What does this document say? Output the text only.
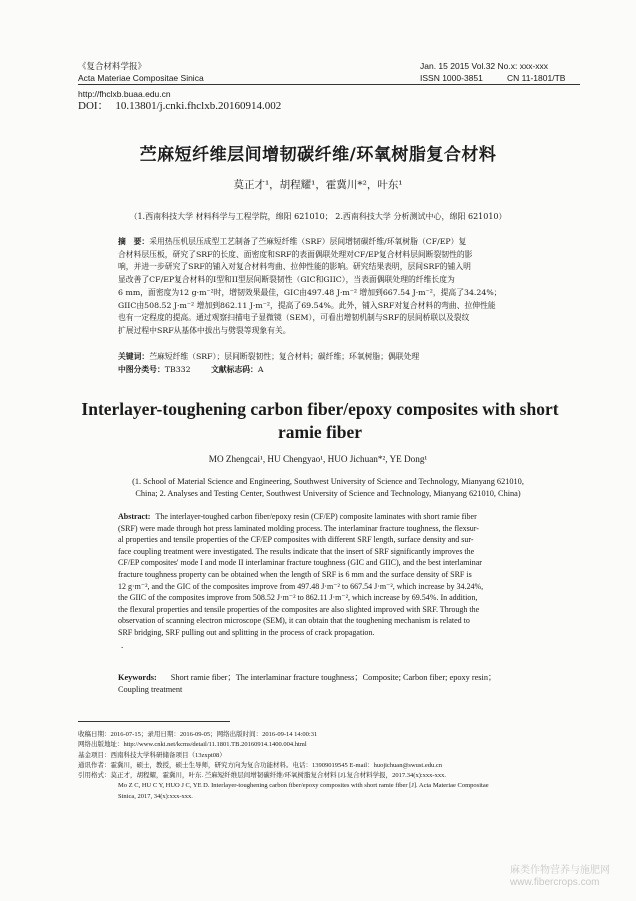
《复合材料学报》
Acta Materiae Compositae Sinica
Jan. 15 2015 Vol.32 No.x: xxx-xxx
ISSN 1000-3851	CN 11-1801/TB
http://fhclxb.buaa.edu.cn
DOI： 10.13801/j.cnki.fhclxb.20160914.002
苎麻短纤维层间增韧碳纤维/环氧树脂复合材料
莫正才¹，胡程耀¹，霍冀川*²，叶东¹
（1.西南科技大学 材料科学与工程学院，绵阳 621010； 2.西南科技大学 分析测试中心，绵阳 621010）
摘　要：采用热压机层压成型工艺制备了苎麻短纤维（SRF）层间增韧碳纤维/环氧树脂（CF/EP）复
合材料层压板，研究了SRF的长度、面密度和SRF的表面偶联处理对CF/EP复合材料层间断裂韧性的影
响，并进一步研究了SRF的铺入对复合材料弯曲、拉伸性能的影响。研究结果表明，层间SRF的铺入明
显改善了CF/EP复合材料的I型和II型层间断裂韧性（GIC和GIIC），当表面偶联处理的纤维长度为
6 mm，面密度为12 g·m⁻²时，增韧效果最佳，GIC由497.48 J·m⁻² 增加到667.54 J·m⁻²，提高了34.24%；
GIIC由508.52 J·m⁻² 增加到862.11 J·m⁻²，提高了69.54%。此外，铺入SRF对复合材料的弯曲、拉伸性能
也有一定程度的提高。通过观察扫描电子显微镜（SEM），可看出增韧机制与SRF的层间桥联以及裂纹
扩展过程中SRF从基体中拔出与劈裂等现象有关。
关键词：苎麻短纤维（SRF）；层间断裂韧性；复合材料；碳纤维；环氧树脂；偶联处理
中图分类号：TB332	文献标志码：A
Interlayer-toughening carbon fiber/epoxy composites with short ramie fiber
MO Zhengcai¹, HU Chengyao¹, HUO Jichuan*², YE Dong¹
(1. School of Material Science and Engineering, Southwest University of Science and Technology, Mianyang 621010,
China; 2. Analyses and Testing Center, Southwest University of Science and Technology, Mianyang 621010, China)
Abstract: The interlayer-toughed carbon fiber/epoxy resin (CF/EP) composite laminates with short ramie fiber
(SRF) were made through hot press laminated molding process. The interlaminar fracture toughness, the flexsur-
al properties and tensile properties of the CF/EP composites with different SRF length, surface density and sur-
face coupling treatment were investigated. The results indicate that the insert of SRF significantly improves the
CF/EP composites' mode I and mode II interlaminar fracture toughness (GIC and GIIC), and the best interlaminar
fracture toughness property can be obtained when the length of SRF is 6 mm and the surface density of SRF is
12 g·m⁻², and the GIC of the composites improve from 497.48 J·m⁻² to 667.54 J·m⁻², which increase by 34.24%,
the GIIC of the composites improve from 508.52 J·m⁻² to 862.11 J·m⁻², which increase by 69.54%. In addition,
the flexural properties and tensile properties of the composites are also slighted improved with SRF. Through the
observation of scanning electron microscope (SEM), it can obtain that the toughening mechanism is related to
SRF bridging, SRF pulling out and splitting in the process of crack propagation.
.
Keywords: Short ramie fiber；The interlaminar fracture toughness；Composite; Carbon fiber; epoxy resin；
Coupling treatment
收稿日期：2016-07-15；录用日期：2016-09-05；网络出版时间：2016-09-14 14:00:31
网络出版地址：http://www.cnki.net/kcms/detail/11.1801.TB.20160914.1400.004.html
基金项目：西南科技大学科研储备项目（13zxpt08）
通讯作者：霍冀川，硕士，教授，硕士生导师，研究方向为复合功能材料。电话：13909019545 E-mail：huojichuan@swust.edu.cn
引用格式：莫正才，胡程耀，霍冀川，叶东. 苎麻短纤维层间增韧碳纤维/环氧树脂复合材料 [J].复合材料学报，2017.34(x):xxx-xxx.
Mo Z C, HU C Y, HUO J C, YE D. Interlayer-toughening carbon fiber/epoxy composites with short ramie fiber [J]. Acta Materiae Compositae
Sinica, 2017, 34(x):xxx-xxx.
麻类作物营养与施肥网
www.fibercrops.com
